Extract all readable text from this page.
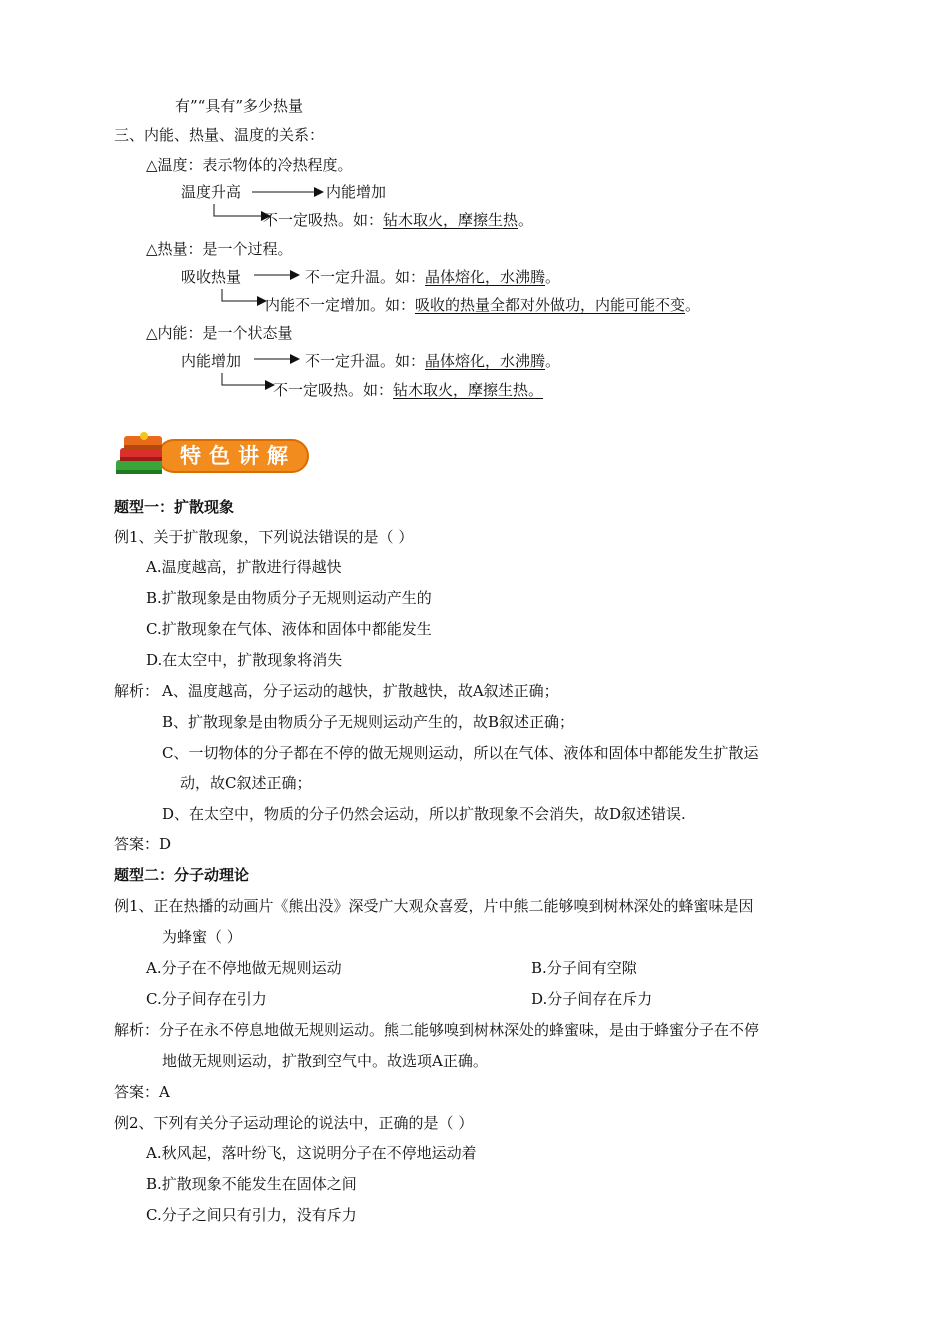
有”“具有”多少热量
三、内能、热量、温度的关系：
△温度：表示物体的冷热程度。
温度升高	内能增加
不一定吸热。如：钻木取火，摩擦生热。
△热量：是一个过程。
吸收热量	不一定升温。如：晶体熔化，水沸腾。
内能不一定增加。如：吸收的热量全都对外做功，内能可能不变。
△内能：是一个状态量
内能增加	不一定升温。如：晶体熔化，水沸腾。
不一定吸热。如：钻木取火，摩擦生热。
特色讲解
题型一：扩散现象
例1、关于扩散现象，下列说法错误的是（ ）
A.温度越高，扩散进行得越快
B.扩散现象是由物质分子无规则运动产生的
C.扩散现象在气体、液体和固体中都能发生
D.在太空中，扩散现象将消失
解析： A、温度越高，分子运动的越快，扩散越快，故A叙述正确；
B、扩散现象是由物质分子无规则运动产生的，故B叙述正确；
C、一切物体的分子都在不停的做无规则运动，所以在气体、液体和固体中都能发生扩散运
动，故C叙述正确；
D、在太空中，物质的分子仍然会运动，所以扩散现象不会消失，故D叙述错误.
答案：D
题型二：分子动理论
例1、正在热播的动画片《熊出没》深受广大观众喜爱，片中熊二能够嗅到树林深处的蜂蜜味是因
为蜂蜜（ ）
A.分子在不停地做无规则运动	B.分子间有空隙
C.分子间存在引力	D.分子间存在斥力
解析：分子在永不停息地做无规则运动。熊二能够嗅到树林深处的蜂蜜味，是由于蜂蜜分子在不停
地做无规则运动，扩散到空气中。故选项A正确。
答案：A
例2、下列有关分子运动理论的说法中，正确的是（ ）
A.秋风起，落叶纷飞，这说明分子在不停地运动着
B.扩散现象不能发生在固体之间
C.分子之间只有引力，没有斥力
